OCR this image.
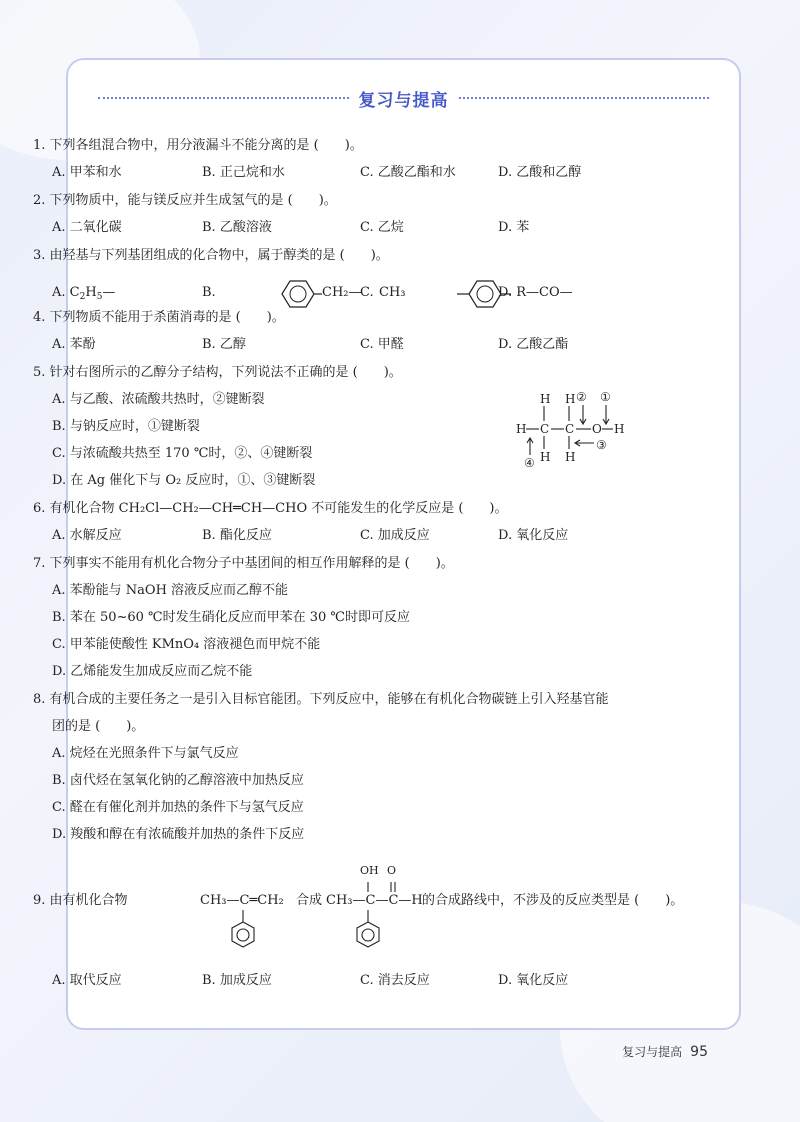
复习与提高
1. 下列各组混合物中，用分液漏斗不能分离的是 (　　)。
A. 甲苯和水	B. 正己烷和水	C. 乙酸乙酯和水	D. 乙酸和乙醇
2. 下列物质中，能与镁反应并生成氢气的是 (　　)。
A. 二氧化碳	B. 乙酸溶液	C. 乙烷	D. 苯
3. 由羟基与下列基团组成的化合物中，属于醇类的是 (　　)。
A. $C_2H_5—$	B.	CH₂—
C. CH₃	D. R—CO—
4. 下列物质不能用于杀菌消毒的是 (　　)。
A. 苯酚	B. 乙醇	C. 甲醛	D. 乙酸乙酯
5. 针对右图所示的乙醇分子结构，下列说法不正确的是 (　　)。
A. 与乙酸、浓硫酸共热时，②键断裂
B. 与钠反应时，①键断裂
C. 与浓硫酸共热至 170 ℃时，②、④键断裂
D. 在 Ag 催化下与 O₂ 反应时，①、③键断裂
H H
H C C O H
H H
② ①
③
④
6. 有机化合物 CH₂Cl—CH₂—CH═CH—CHO 不可能发生的化学反应是 (　　)。
A. 水解反应	B. 酯化反应	C. 加成反应	D. 氧化反应
7. 下列事实不能用有机化合物分子中基团间的相互作用解释的是 (　　)。
A. 苯酚能与 NaOH 溶液反应而乙醇不能
B. 苯在 50~60 ℃时发生硝化反应而甲苯在 30 ℃时即可反应
C. 甲苯能使酸性 KMnO₄ 溶液褪色而甲烷不能
D. 乙烯能发生加成反应而乙烷不能
8. 有机合成的主要任务之一是引入目标官能团。下列反应中，能够在有机化合物碳链上引入羟基官能
团的是 (　　)。
A. 烷烃在光照条件下与氯气反应
B. 卤代烃在氢氧化钠的乙醇溶液中加热反应
C. 醛在有催化剂并加热的条件下与氢气反应
D. 羧酸和醇在有浓硫酸并加热的条件下反应
9. 由有机化合物	CH₃—C═CH₂ 合成 CH₃—C—C—H 的合成路线中，不涉及的反应类型是 (　　)。
OH O
A. 取代反应	B. 加成反应	C. 消去反应	D. 氧化反应
复习与提高 95
